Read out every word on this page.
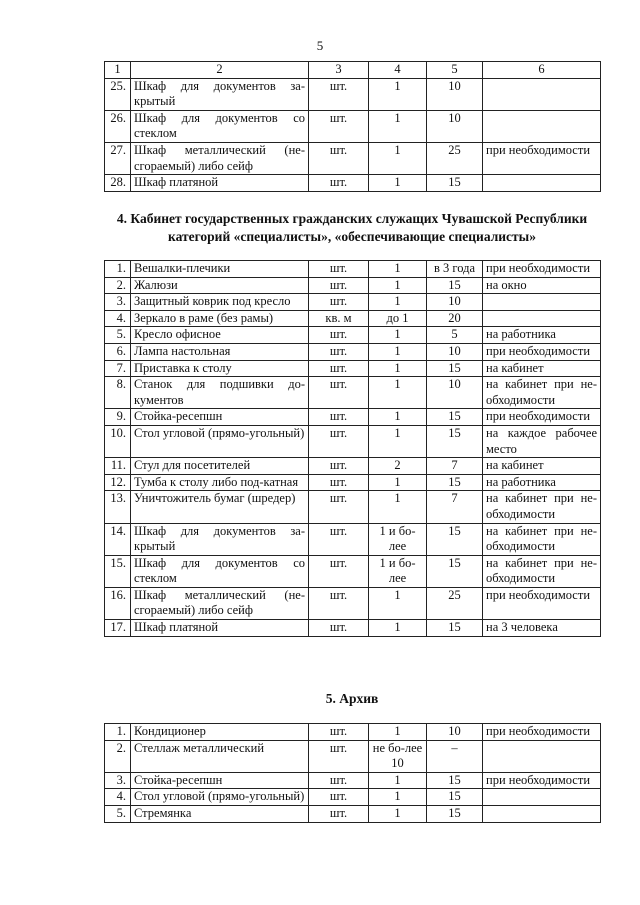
5
1	2	3	4	5	6
25.	Шкаф для документов за-крытый	шт.	1	10	
26.	Шкаф для документов со стеклом	шт.	1	10	
27.	Шкаф металлический (не-сгораемый) либо сейф	шт.	1	25	при необходимости
28.	Шкаф платяной	шт.	1	15	
4. Кабинет государственных гражданских служащих Чувашской Республики категорий «специалисты», «обеспечивающие специалисты»
1.	Вешалки-плечики	шт.	1	в 3 года	при необходимости
2.	Жалюзи	шт.	1	15	на окно
3.	Защитный коврик под кресло	шт.	1	10	
4.	Зеркало в раме (без рамы)	кв. м	до 1	20	
5.	Кресло офисное	шт.	1	5	на работника
6.	Лампа настольная	шт.	1	10	при необходимости
7.	Приставка к столу	шт.	1	15	на кабинет
8.	Станок для подшивки до-кументов	шт.	1	10	на кабинет при не-обходимости
9.	Стойка-ресепшн	шт.	1	15	при необходимости
10.	Стол угловой (прямо-угольный)	шт.	1	15	на каждое рабочее место
11.	Стул для посетителей	шт.	2	7	на кабинет
12.	Тумба к столу либо под-катная	шт.	1	15	на работника
13.	Уничтожитель бумаг (шредер)	шт.	1	7	на кабинет при не-обходимости
14.	Шкаф для документов за-крытый	шт.	1 и бо-лее	15	на кабинет при не-обходимости
15.	Шкаф для документов со стеклом	шт.	1 и бо-лее	15	на кабинет при не-обходимости
16.	Шкаф металлический (не-сгораемый) либо сейф	шт.	1	25	при необходимости
17.	Шкаф платяной	шт.	1	15	на 3 человека
5. Архив
1.	Кондиционер	шт.	1	10	при необходимости
2.	Стеллаж металлический	шт.	не бо-лее 10	–	
3.	Стойка-ресепшн	шт.	1	15	при необходимости
4.	Стол угловой (прямо-угольный)	шт.	1	15	
5.	Стремянка	шт.	1	15	
